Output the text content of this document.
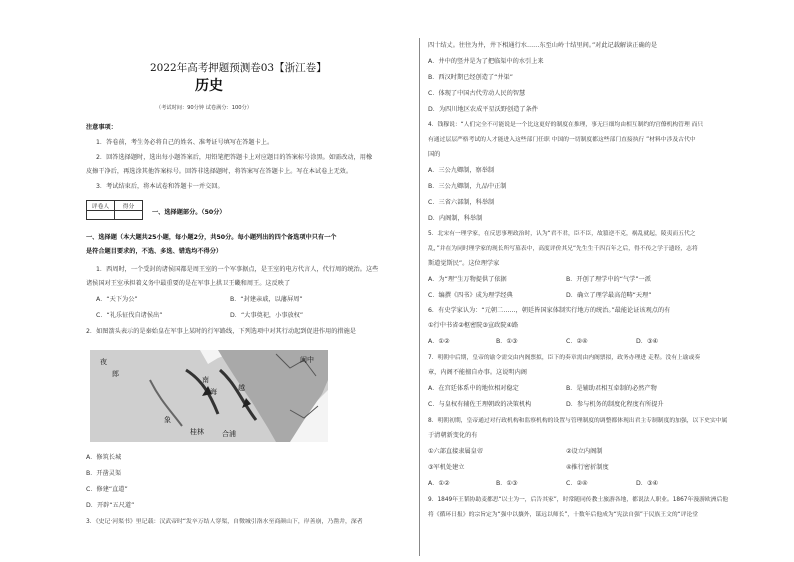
2022年高考押题预测卷03【浙江卷】
历史
（考试时间：90分钟 试卷满分：100分）
注意事项：
1．答卷前，考生务必将自己的姓名、准考证号填写在答题卡上。
2．回答选择题时，选出每小题答案后，用铅笔把答题卡上对应题目的答案标号涂黑。如需改动，用橡
皮擦干净后，再选涂其他答案标号。回答非选择题时，将答案写在答题卡上。写在本试卷上无效。
3．考试结束后，将本试卷和答题卡一并交回。
评卷人	得分

一、选择题部分。（50分）
一、选择题（本大题共25小题，每小题2分，共50分。每小题列出的四个备选项中只有一个
是符合题目要求的，不选、多选、错选均不得分）
1．西周时，一个受封的诸侯国都是周王室的一个军事据点，是王室的电方代言人，代行周的统治。这些
诸侯国对王室承担着义务中最重要的是在军事上拱卫王畿和周王。这反映了
A．“天下为公”	B．“封建亲戚，以藩屏周”
C．“礼乐征伐自诸侯出”	D．“大事奠祀，小事放权”
2．如图箭头表示的是秦始皇在军事上某时的行军路线，下列选项中对其行动起到促进作用的措施是
夜
郎
南
海	越
闽中
桂林
象
合浦
A．修筑长城
B．开凿灵渠
C．修建“直道”
D．开辟“五尺道”
3．《史记·河渠书》里记载：汉武帝时“发卒万结人穿渠，自徵城引洛水至商颜山下，岸善崩，乃凿井，深者
四十结丈。往往为井，井下相通行水……东至山岭十结里间。”对此记载解读正确的是
A．井中的竖井是为了把临渠中的水引上来
B．西汉时期已经创造了“井渠”
C．体现了中国古代劳动人民的智慧
D．为四川地区农成平星沃野创造了条件
4．钱穆说：“人们完全不可能说是一个比这更好的制度在推理，事无巨细均由相互制约的官僚机构管理 而只
有通过层层严格考试的人才能进入这些部门任职 中国的一切制度都这些部门直接执行 ”材料中涉及古代中
国的
A．三公九卿制，察举制
B．三公九卿制，九品中正制
C．三省六部制，科举制
D．内阁制，科举制
5．北宋有一理学家，在反思事理政治时，认为“君不君，臣不臣，故篡逆不克，祸乱就起，陵夷而五代之
乱，”并在为同时理学家的现长所写墓表中，高度评价其兄“先生生千四百年之后，得不传之学于遗经，志将
斯道觉斯民”。这位理学家
A．为“理”生万物提供了依据	B．开创了理学中的“气学”一派
C．编撰《四书》成为理学经典	D．确立了理学最高范畴“天理”
6．有史学家认为：“元朝二……，朝廷皆国家体制实行地方的统治。”最能论证该观点的有
①行中书省②枢密院③宣政院④路
A．①②	B．①③	C．②④	D．③④
7．明朝中后期，皇帝的谕令需交由内阁票拟，臣下的奏章需由内阁票拟，政务办理进 走程。没有上谕或奏
章，内阁不能擅自办事。这说明内阁
A．在宫廷体系中的地位相对稳定	B．是辅助君相互牵制的必然产物
C．与皇权有辅佐王理朝政的决策机构	D．参与机务的制度化程度有所提升
8．明朝初期，皇帝通过对行政机构和监察机构的设置与管理制度的调整都体现出君主专制制度的加强，以下史实中属
于清朝新变化的有
①六部直接隶属皇帝	②设立内阁制
③军机处建立	④推行密折制度
A．①②	B．①③	C．②④	D．③④
9．1849年王韬协助麦都思“以士为一，后告其家”，时常随同传教士旅游各地，都说法人职业。1867年漫游欧洲后他
将《循环日报》的宗旨定为“强中以攘外，谋远以师长”，十数年后他成为“宪法自强”于民族王文的“评论堂
